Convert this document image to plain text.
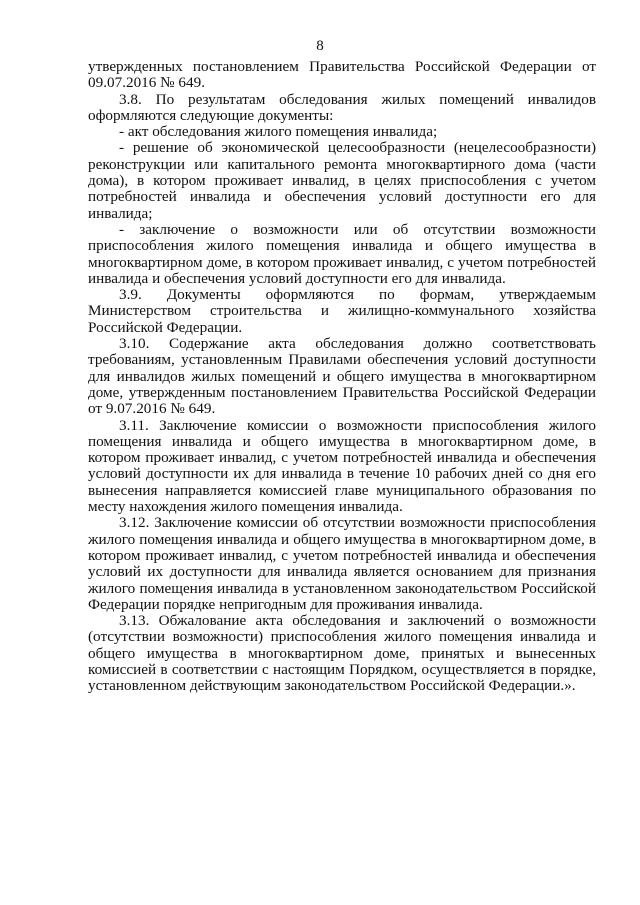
8

утвержденных постановлением Правительства Российской Федерации от 09.07.2016 № 649.

3.8. По результатам обследования жилых помещений инвалидов оформляются следующие документы:

- акт обследования жилого помещения инвалида;

- решение об экономической целесообразности (нецелесообразности) реконструкции или капитального ремонта многоквартирного дома (части дома), в котором проживает инвалид, в целях приспособления с учетом потребностей инвалида и обеспечения условий доступности его для инвалида;

- заключение о возможности или об отсутствии возможности приспособления жилого помещения инвалида и общего имущества в многоквартирном доме, в котором проживает инвалид, с учетом потребностей инвалида и обеспечения условий доступности его для инвалида.

3.9. Документы оформляются по формам, утверждаемым Министерством строительства и жилищно-коммунального хозяйства Российской Федерации.

3.10. Содержание акта обследования должно соответствовать требованиям, установленным Правилами обеспечения условий доступности для инвалидов жилых помещений и общего имущества в многоквартирном доме, утвержденным постановлением Правительства Российской Федерации от 9.07.2016 № 649.

3.11. Заключение комиссии о возможности приспособления жилого помещения инвалида и общего имущества в многоквартирном доме, в котором проживает инвалид, с учетом потребностей инвалида и обеспечения условий доступности их для инвалида в течение 10 рабочих дней со дня его вынесения направляется комиссией главе муниципального образования по месту нахождения жилого помещения инвалида.

3.12. Заключение комиссии об отсутствии возможности приспособления жилого помещения инвалида и общего имущества в многоквартирном доме, в котором проживает инвалид, с учетом потребностей инвалида и обеспечения условий их доступности для инвалида является основанием для признания жилого помещения инвалида в установленном законодательством Российской Федерации порядке непригодным для проживания инвалида.

3.13. Обжалование акта обследования и заключений о возможности (отсутствии возможности) приспособления жилого помещения инвалида и общего имущества в многоквартирном доме, принятых и вынесенных комиссией в соответствии с настоящим Порядком, осуществляется в порядке, установленном действующим законодательством Российской Федерации.».
